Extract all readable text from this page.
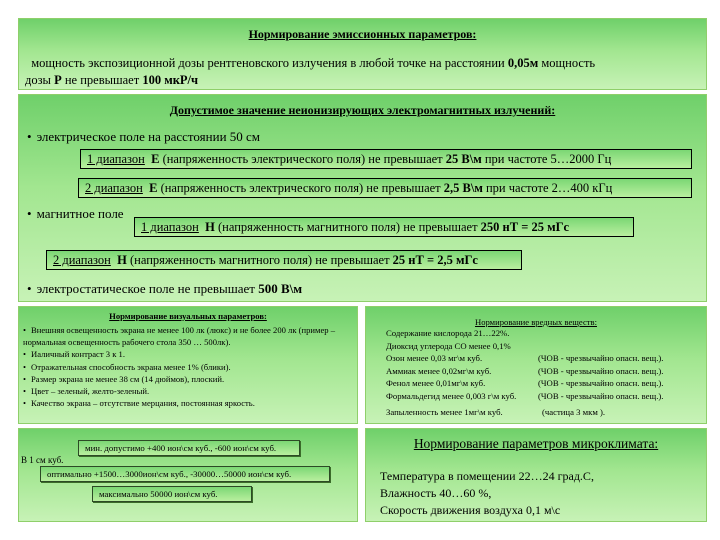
Нормирование эмиссионных параметров:
мощность экспозиционной дозы рентгеновского излучения в любой точке на расстоянии 0,05м мощность
дозы Р не превышает 100 мкР/ч
Допустимое значение неионизирующих электромагнитных излучений:
• электрическое поле на расстоянии 50 см
• магнитное поле
• электростатическое поле не превышает 500 В\м
1 диапазон Е (напряженность электрического поля) не превышает 25 В\м при частоте 5…2000 Гц
2 диапазон Е (напряженность электрического поля) не превышает 2,5 В\м при частоте 2…400 кГц
1 диапазон Н (напряженность магнитного поля) не превышает 250 нТ = 25 мГс
2 диапазон Н (напряженность магнитного поля) не превышает 25 нТ = 2,5 мГс
Нормирование визуальных параметров:
• Внешняя освещенность экрана не менее 100 лк (люкс) и не более 200 лк (пример – нормальная освещенность рабочего стола 350 … 500лк).
• Иаличный контраст 3 к 1.
• Отражательная способность экрана менее 1% (блики).
• Размер экрана не менее 38 см (14 дюймов), плоский.
• Цвет – зеленый, желто-зеленый.
• Качество экрана – отсутствие мерцания, постоянная яркость.
Нормирование вредных веществ:
Содержание кислорода 21…22%.
Диоксид углерода СО менее 0,1%
Озон менее 0,03 мг\м куб.	(ЧОВ - чрезвычайно опасн. вещ.).
Аммиак менее 0,02мг\м куб.	(ЧОВ - чрезвычайно опасн. вещ.).
Фенол менее 0,01мг\м куб.	(ЧОВ - чрезвычайно опасн. вещ.).
Формальдегид менее 0,003 г\м куб. (ЧОВ - чрезвычайно опасн. вещ.).
Запыленность менее 1мг\м куб.	(частица 3 мкм ).
В 1 см куб.
мин. допустимо +400 ион\см куб., -600 ион\см куб.
оптимально +1500…3000ион\см куб., -30000…50000 ион\см куб.
максимально 50000 ион\см куб.
Нормирование параметров микроклимата:
Температура в помещении 22…24 град.С,
Влажность 40…60 %,
Скорость движения воздуха 0,1 м\с
